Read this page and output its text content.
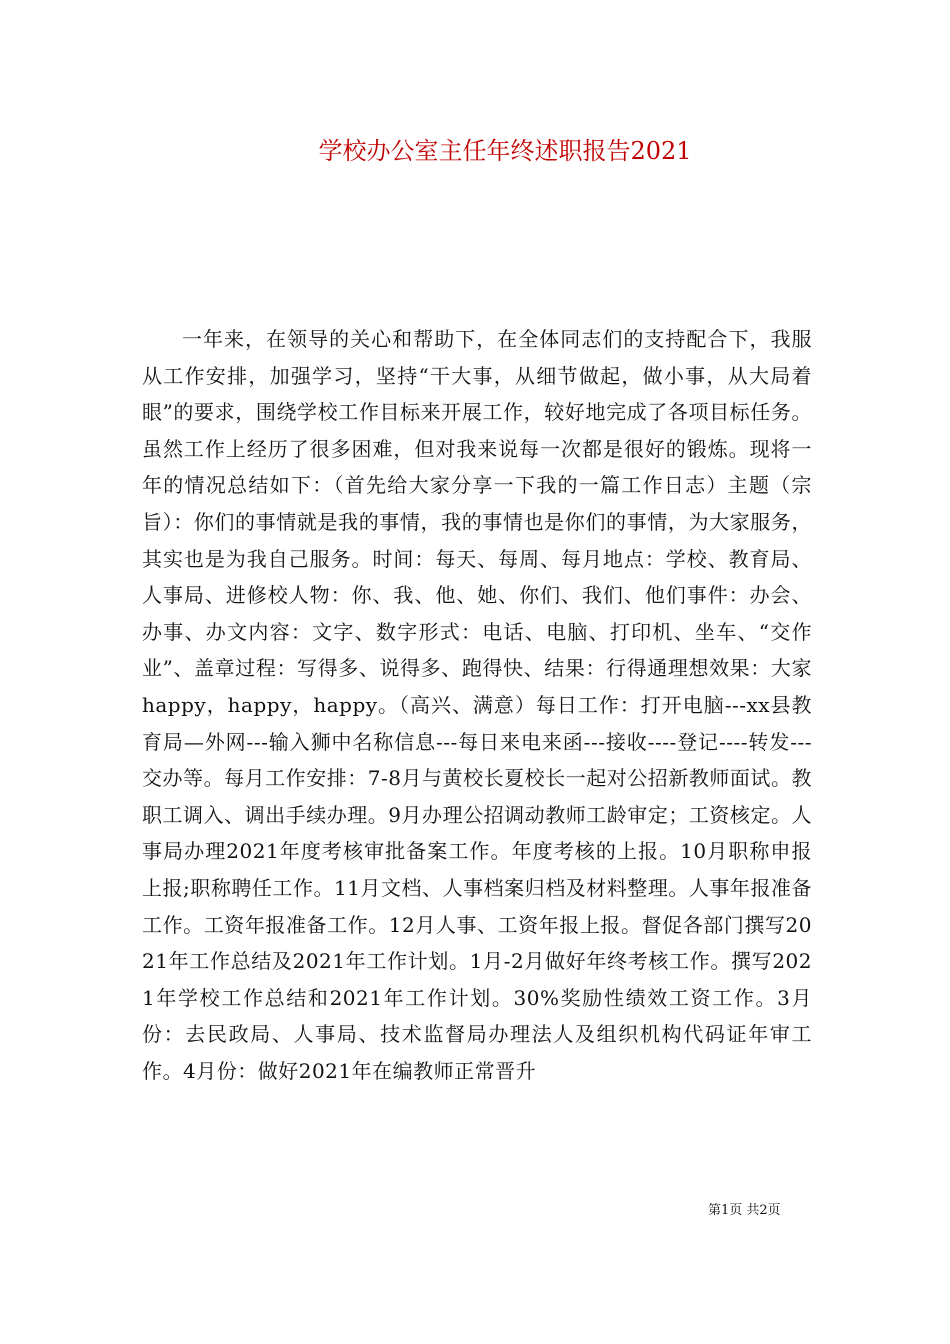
学校办公室主任年终述职报告2021

一年来，在领导的关心和帮助下，在全体同志们的支持配合下，我服从工作安排，加强学习，坚持“干大事，从细节做起，做小事，从大局着眼”的要求，围绕学校工作目标来开展工作，较好地完成了各项目标任务。虽然工作上经历了很多困难，但对我来说每一次都是很好的锻炼。现将一年的情况总结如下：（首先给大家分享一下我的一篇工作日志）主题（宗旨）：你们的事情就是我的事情，我的事情也是你们的事情，为大家服务，其实也是为我自己服务。时间：每天、每周、每月地点：学校、教育局、人事局、进修校人物：你、我、他、她、你们、我们、他们事件：办会、办事、办文内容：文字、数字形式：电话、电脑、打印机、坐车、“交作业”、盖章过程：写得多、说得多、跑得快、结果：行得通理想效果：大家happy，happy，happy。（高兴、满意）每日工作：打开电脑---xx县教育局—外网---输入狮中名称信息---每日来电来函---接收----登记----转发---交办等。每月工作安排：7-8月与黄校长夏校长一起对公招新教师面试。教职工调入、调出手续办理。9月办理公招调动教师工龄审定；工资核定。人事局办理2021年度考核审批备案工作。年度考核的上报。10月职称申报上报;职称聘任工作。11月文档、人事档案归档及材料整理。人事年报准备工作。工资年报准备工作。12月人事、工资年报上报。督促各部门撰写2021年工作总结及2021年工作计划。1月-2月做好年终考核工作。撰写2021年学校工作总结和2021年工作计划。30%奖励性绩效工资工作。3月份：去民政局、人事局、技术监督局办理法人及组织机构代码证年审工作。4月份：做好2021年在编教师正常晋升

第1页 共2页
